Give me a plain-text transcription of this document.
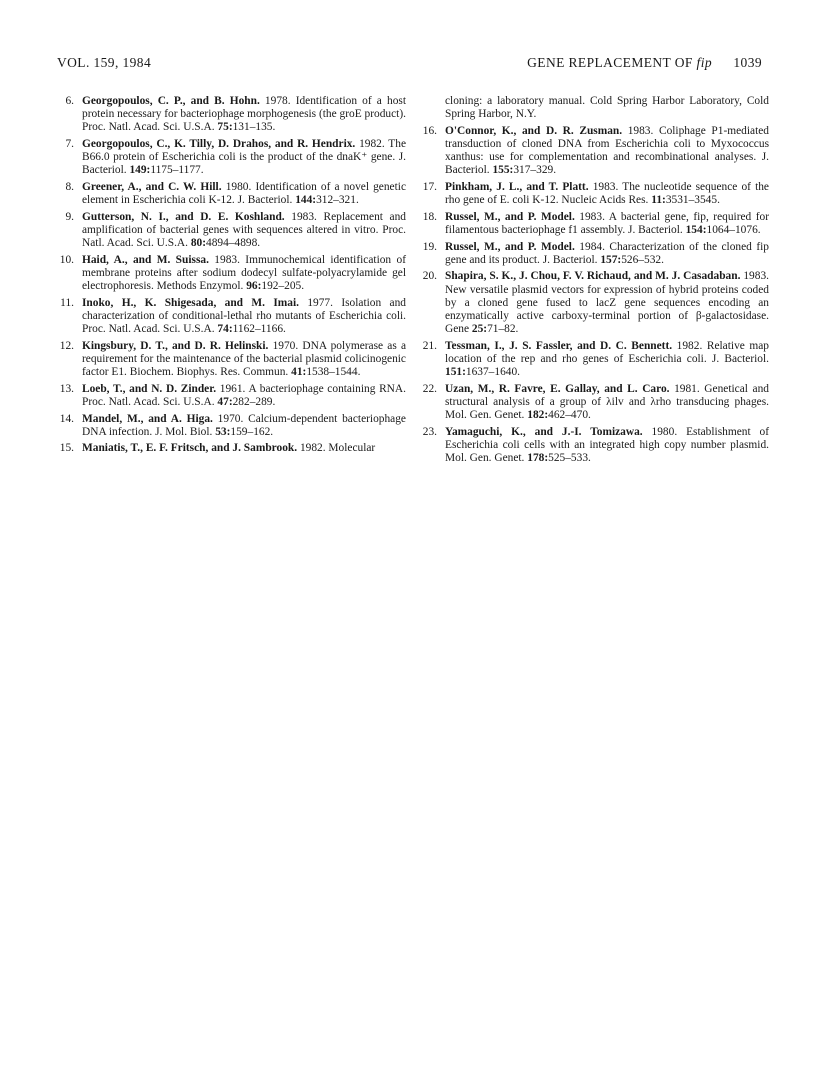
VOL. 159, 1984	GENE REPLACEMENT OF fip 1039
6. Georgopoulos, C. P., and B. Hohn. 1978. Identification of a host protein necessary for bacteriophage morphogenesis (the groE product). Proc. Natl. Acad. Sci. U.S.A. 75:131–135.
7. Georgopoulos, C., K. Tilly, D. Drahos, and R. Hendrix. 1982. The B66.0 protein of Escherichia coli is the product of the dnaK⁺ gene. J. Bacteriol. 149:1175–1177.
8. Greener, A., and C. W. Hill. 1980. Identification of a novel genetic element in Escherichia coli K-12. J. Bacteriol. 144:312–321.
9. Gutterson, N. I., and D. E. Koshland. 1983. Replacement and amplification of bacterial genes with sequences altered in vitro. Proc. Natl. Acad. Sci. U.S.A. 80:4894–4898.
10. Haid, A., and M. Suissa. 1983. Immunochemical identification of membrane proteins after sodium dodecyl sulfate-polyacrylamide gel electrophoresis. Methods Enzymol. 96:192–205.
11. Inoko, H., K. Shigesada, and M. Imai. 1977. Isolation and characterization of conditional-lethal rho mutants of Escherichia coli. Proc. Natl. Acad. Sci. U.S.A. 74:1162–1166.
12. Kingsbury, D. T., and D. R. Helinski. 1970. DNA polymerase as a requirement for the maintenance of the bacterial plasmid colicinogenic factor E1. Biochem. Biophys. Res. Commun. 41:1538–1544.
13. Loeb, T., and N. D. Zinder. 1961. A bacteriophage containing RNA. Proc. Natl. Acad. Sci. U.S.A. 47:282–289.
14. Mandel, M., and A. Higa. 1970. Calcium-dependent bacteriophage DNA infection. J. Mol. Biol. 53:159–162.
15. Maniatis, T., E. F. Fritsch, and J. Sambrook. 1982. Molecular
cloning: a laboratory manual. Cold Spring Harbor Laboratory, Cold Spring Harbor, N.Y.
16. O'Connor, K., and D. R. Zusman. 1983. Coliphage P1-mediated transduction of cloned DNA from Escherichia coli to Myxococcus xanthus: use for complementation and recombinational analyses. J. Bacteriol. 155:317–329.
17. Pinkham, J. L., and T. Platt. 1983. The nucleotide sequence of the rho gene of E. coli K-12. Nucleic Acids Res. 11:3531–3545.
18. Russel, M., and P. Model. 1983. A bacterial gene, fip, required for filamentous bacteriophage f1 assembly. J. Bacteriol. 154:1064–1076.
19. Russel, M., and P. Model. 1984. Characterization of the cloned fip gene and its product. J. Bacteriol. 157:526–532.
20. Shapira, S. K., J. Chou, F. V. Richaud, and M. J. Casadaban. 1983. New versatile plasmid vectors for expression of hybrid proteins coded by a cloned gene fused to lacZ gene sequences encoding an enzymatically active carboxy-terminal portion of β-galactosidase. Gene 25:71–82.
21. Tessman, I., J. S. Fassler, and D. C. Bennett. 1982. Relative map location of the rep and rho genes of Escherichia coli. J. Bacteriol. 151:1637–1640.
22. Uzan, M., R. Favre, E. Gallay, and L. Caro. 1981. Genetical and structural analysis of a group of λilv and λrho transducing phages. Mol. Gen. Genet. 182:462–470.
23. Yamaguchi, K., and J.-I. Tomizawa. 1980. Establishment of Escherichia coli cells with an integrated high copy number plasmid. Mol. Gen. Genet. 178:525–533.
